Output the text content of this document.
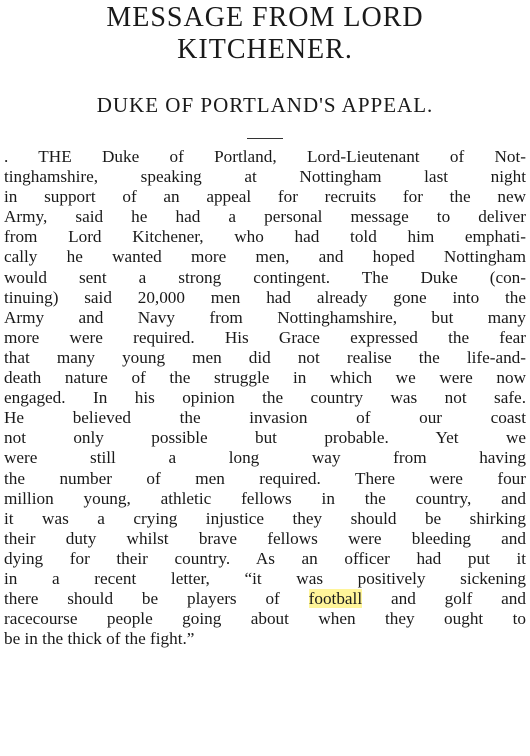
MESSAGE FROM LORD
KITCHENER.
DUKE OF PORTLAND'S APPEAL.
. THE Duke of Portland, Lord-Lieutenant of Not-
tinghamshire, speaking at Nottingham last night
in support of an appeal for recruits for the new
Army, said he had a personal message to deliver
from Lord Kitchener, who had told him emphati-
cally he wanted more men, and hoped Nottingham
would sent a strong contingent. The Duke (con-
tinuing) said 20,000 men had already gone into the
Army and Navy from Nottinghamshire, but many
more were required. His Grace expressed the fear
that many young men did not realise the life-and-
death nature of the struggle in which we were now
engaged. In his opinion the country was not safe.
He believed the invasion of our coast
not only possible but probable. Yet we
were still a long way from having
the number of men required. There were four
million young, athletic fellows in the country, and
it was a crying injustice they should be shirking
their duty whilst brave fellows were bleeding and
dying for their country. As an officer had put it
in a recent letter, “it was positively sickening
there should be players of football and golf and
racecourse people going about when they ought to
be in the thick of the fight.”
